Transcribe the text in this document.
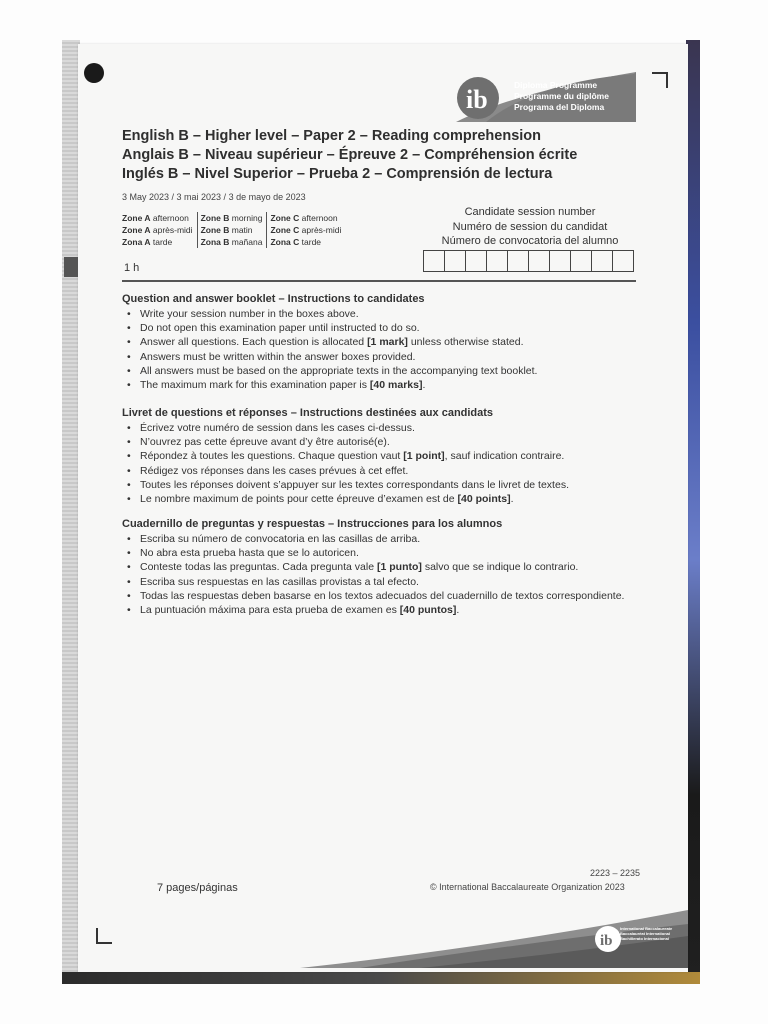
ib	Diploma Programme
Programme du diplôme
Programa del Diploma
English B – Higher level – Paper 2 – Reading comprehension
Anglais B – Niveau supérieur – Épreuve 2 – Compréhension écrite
Inglés B – Nivel Superior – Prueba 2 – Comprensión de lectura
3 May 2023 / 3 mai 2023 / 3 de mayo de 2023
Zone A afternoon
Zone A après-midi
Zona A tarde
Zone B morning
Zone B matin
Zona B mañana
Zone C afternoon
Zone C après-midi
Zona C tarde
Candidate session number
Numéro de session du candidat
Número de convocatoria del alumno
1 h
Question and answer booklet – Instructions to candidates
• Write your session number in the boxes above.
• Do not open this examination paper until instructed to do so.
• Answer all questions. Each question is allocated [1 mark] unless otherwise stated.
• Answers must be written within the answer boxes provided.
• All answers must be based on the appropriate texts in the accompanying text booklet.
• The maximum mark for this examination paper is [40 marks].
Livret de questions et réponses – Instructions destinées aux candidats
• Écrivez votre numéro de session dans les cases ci-dessus.
• N’ouvrez pas cette épreuve avant d’y être autorisé(e).
• Répondez à toutes les questions. Chaque question vaut [1 point], sauf indication contraire.
• Rédigez vos réponses dans les cases prévues à cet effet.
• Toutes les réponses doivent s’appuyer sur les textes correspondants dans le livret de textes.
• Le nombre maximum de points pour cette épreuve d’examen est de [40 points].
Cuadernillo de preguntas y respuestas – Instrucciones para los alumnos
• Escriba su número de convocatoria en las casillas de arriba.
• No abra esta prueba hasta que se lo autoricen.
• Conteste todas las preguntas. Cada pregunta vale [1 punto] salvo que se indique lo contrario.
• Escriba sus respuestas en las casillas provistas a tal efecto.
• Todas las respuestas deben basarse en los textos adecuados del cuadernillo de textos correspondiente.
• La puntuación máxima para esta prueba de examen es [40 puntos].
7 pages/páginas
2223 – 2235
© International Baccalaureate Organization 2023
ib
International Baccalaureate
Baccalauréat International
Bachillerato Internacional
